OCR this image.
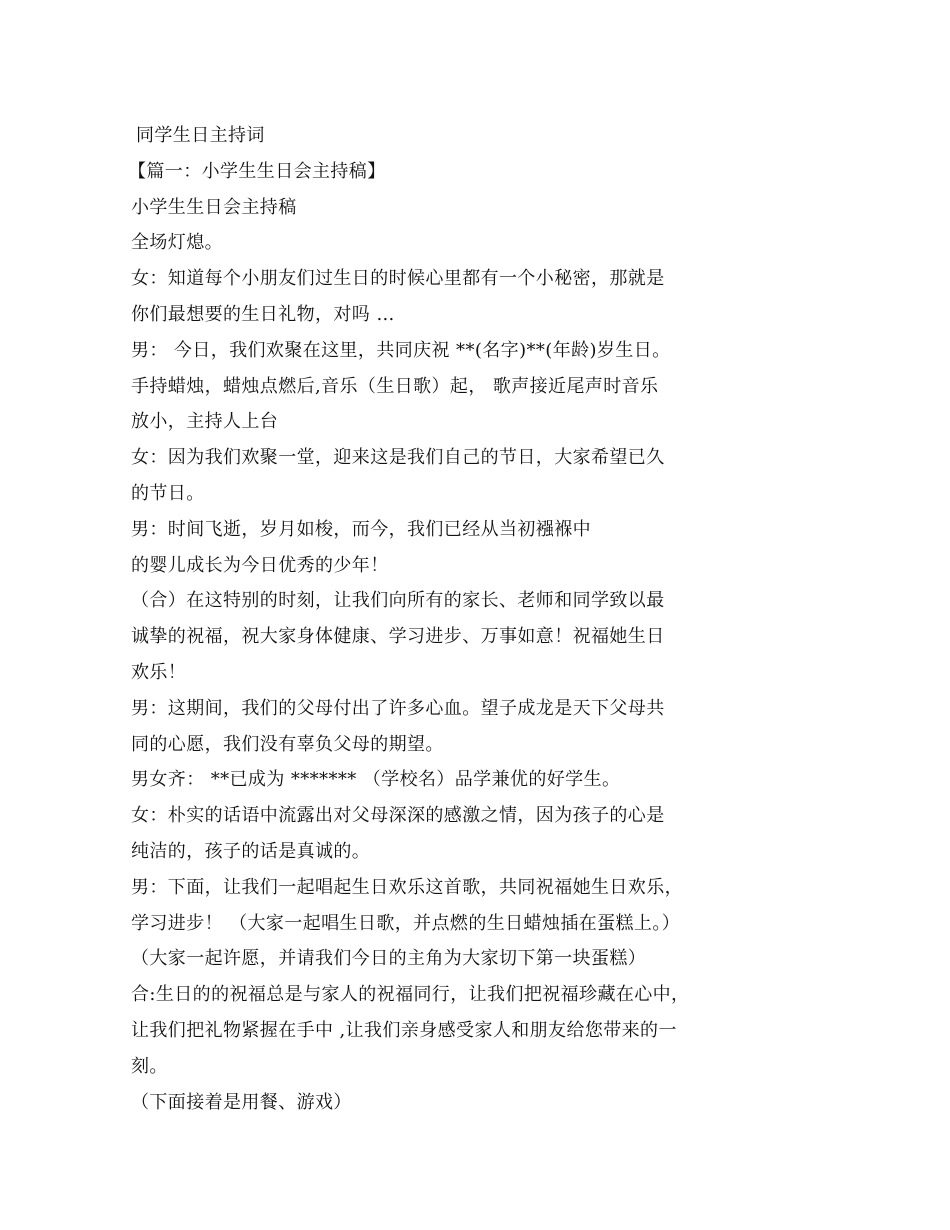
同学生日主持词
【篇一：小学生生日会主持稿】
小学生生日会主持稿
全场灯熄。
女：知道每个小朋友们过生日的时候心里都有一个小秘密，那就是
你们最想要的生日礼物，对吗 …
男： 今日，我们欢聚在这里，共同庆祝 **(名字)**(年龄)岁生日。
手持蜡烛，蜡烛点燃后,音乐（生日歌）起， 歌声接近尾声时音乐
放小，主持人上台
女：因为我们欢聚一堂，迎来这是我们自己的节日，大家希望已久
的节日。
男：时间飞逝，岁月如梭，而今，我们已经从当初襁褓中
的婴儿成长为今日优秀的少年！
（合）在这特别的时刻，让我们向所有的家长、老师和同学致以最
诚挚的祝福，祝大家身体健康、学习进步、万事如意！祝福她生日
欢乐！
男：这期间，我们的父母付出了许多心血。望子成龙是天下父母共
同的心愿，我们没有辜负父母的期望。
男女齐： **已成为 ******* （学校名）品学兼优的好学生。
女：朴实的话语中流露出对父母深深的感激之情，因为孩子的心是
纯洁的，孩子的话是真诚的。
男：下面，让我们一起唱起生日欢乐这首歌，共同祝福她生日欢乐，
学习进步！ （大家一起唱生日歌，并点燃的生日蜡烛插在蛋糕上。）
（大家一起许愿，并请我们今日的主角为大家切下第一块蛋糕）
合:生日的的祝福总是与家人的祝福同行，让我们把祝福珍藏在心中，
让我们把礼物紧握在手中 ,让我们亲身感受家人和朋友给您带来的一
刻。
（下面接着是用餐、游戏）
